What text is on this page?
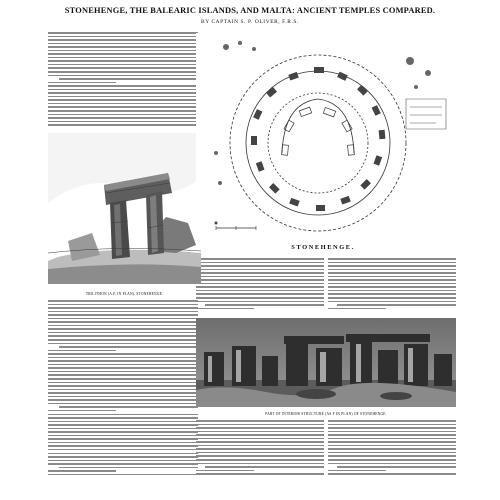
STONEHENGE, THE BALEARIC ISLANDS, AND MALTA: ANCIENT TEMPLES COMPARED.
BY CAPTAIN S. P. OLIVER, F.R.S.
TRILITHON (A.F. IN PLAN), STONEHENGE.
STONEHENGE.
PART OF INTERIOR STRUCTURE (AS F IN PLAN) OF STONEHENGE.
